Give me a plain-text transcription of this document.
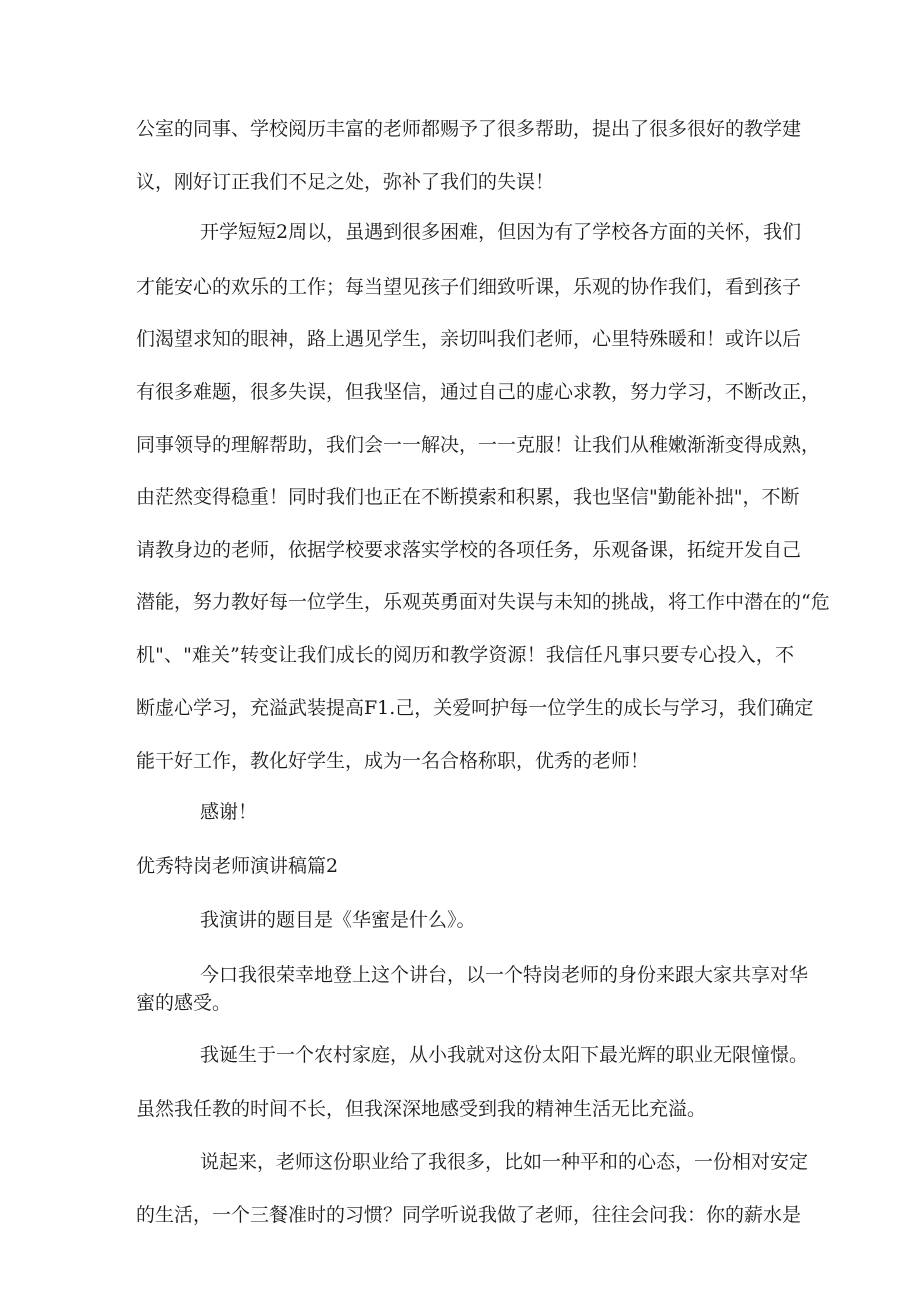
公室的同事、学校阅历丰富的老师都赐予了很多帮助，提出了很多很好的教学建
议，刚好订正我们不足之处，弥补了我们的失误！
开学短短2周以，虽遇到很多困难，但因为有了学校各方面的关怀，我们
才能安心的欢乐的工作；每当望见孩子们细致听课，乐观的协作我们，看到孩子
们渴望求知的眼神，路上遇见学生，亲切叫我们老师，心里特殊暖和！或许以后
有很多难题，很多失误，但我坚信，通过自己的虚心求教，努力学习，不断改正，
同事领导的理解帮助，我们会一一解决，一一克服！让我们从稚嫩渐渐变得成熟，
由茫然变得稳重！同时我们也正在不断摸索和积累，我也坚信"勤能补拙"，不断
请教身边的老师，依据学校要求落实学校的各项任务，乐观备课，拓绽开发自己
潜能，努力教好每一位学生，乐观英勇面对失误与未知的挑战，将工作中潜在的“危
机"、"难关”转变让我们成长的阅历和教学资源！我信任凡事只要专心投入，不
断虚心学习，充溢武装提高F1.己，关爱呵护每一位学生的成长与学习，我们确定
能干好工作，教化好学生，成为一名合格称职，优秀的老师！
感谢！
优秀特岗老师演讲稿篇2
我演讲的题目是《华蜜是什么》。
今口我很荣幸地登上这个讲台，以一个特岗老师的身份来跟大家共享对华
蜜的感受。
我诞生于一个农村家庭，从小我就对这份太阳下最光辉的职业无限憧憬。
虽然我任教的时间不长，但我深深地感受到我的精神生活无比充溢。
说起来，老师这份职业给了我很多，比如一种平和的心态，一份相对安定
的生活，一个三餐准时的习惯？同学听说我做了老师，往往会问我：你的薪水是
